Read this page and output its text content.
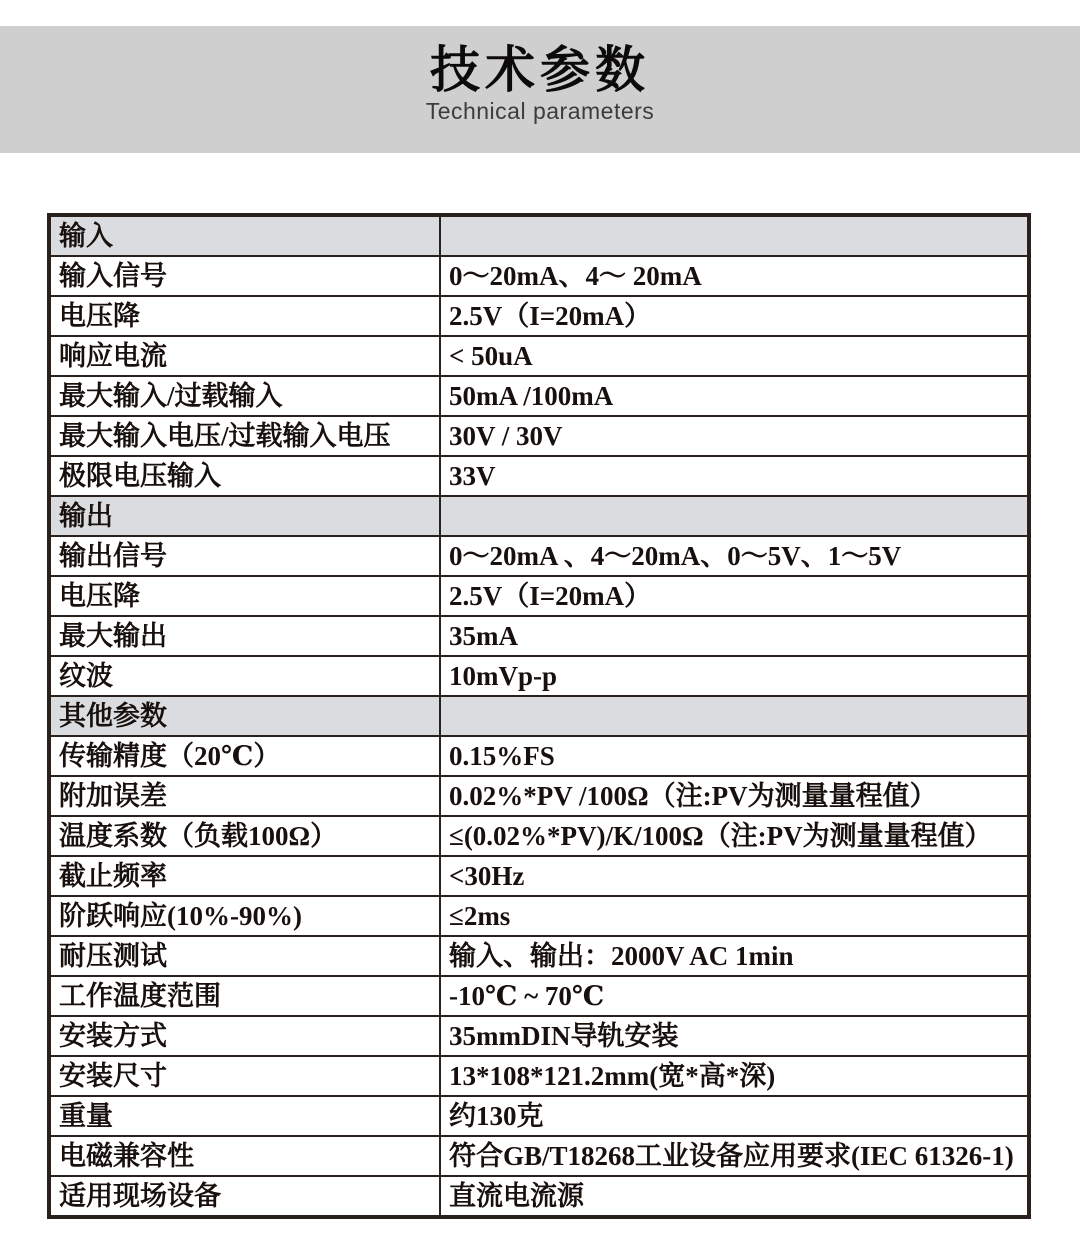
技术参数
Technical parameters
输入	
输入信号	0～20mA、4～ 20mA
电压降	2.5V（I=20mA）
响应电流	< 50uA
最大输入/过载输入	50mA /100mA
最大输入电压/过载输入电压	30V / 30V
极限电压输入	33V
输出	
输出信号	0～20mA 、4～20mA、0～5V、1～5V
电压降	2.5V（I=20mA）
最大输出	35mA
纹波	10mVp-p
其他参数	
传输精度（20℃）	0.15%FS
附加误差	0.02%*PV /100Ω（注:PV为测量量程值）
温度系数（负载100Ω）	≤(0.02%*PV)/K/100Ω（注:PV为测量量程值）
截止频率	<30Hz
阶跃响应(10%-90%)	≤2ms
耐压测试	输入、输出：2000V AC 1min
工作温度范围	-10℃ ~ 70℃
安装方式	35mmDIN导轨安装
安装尺寸	13*108*121.2mm(宽*高*深)
重量	约130克
电磁兼容性	符合GB/T18268工业设备应用要求(IEC 61326-1)
适用现场设备	直流电流源
